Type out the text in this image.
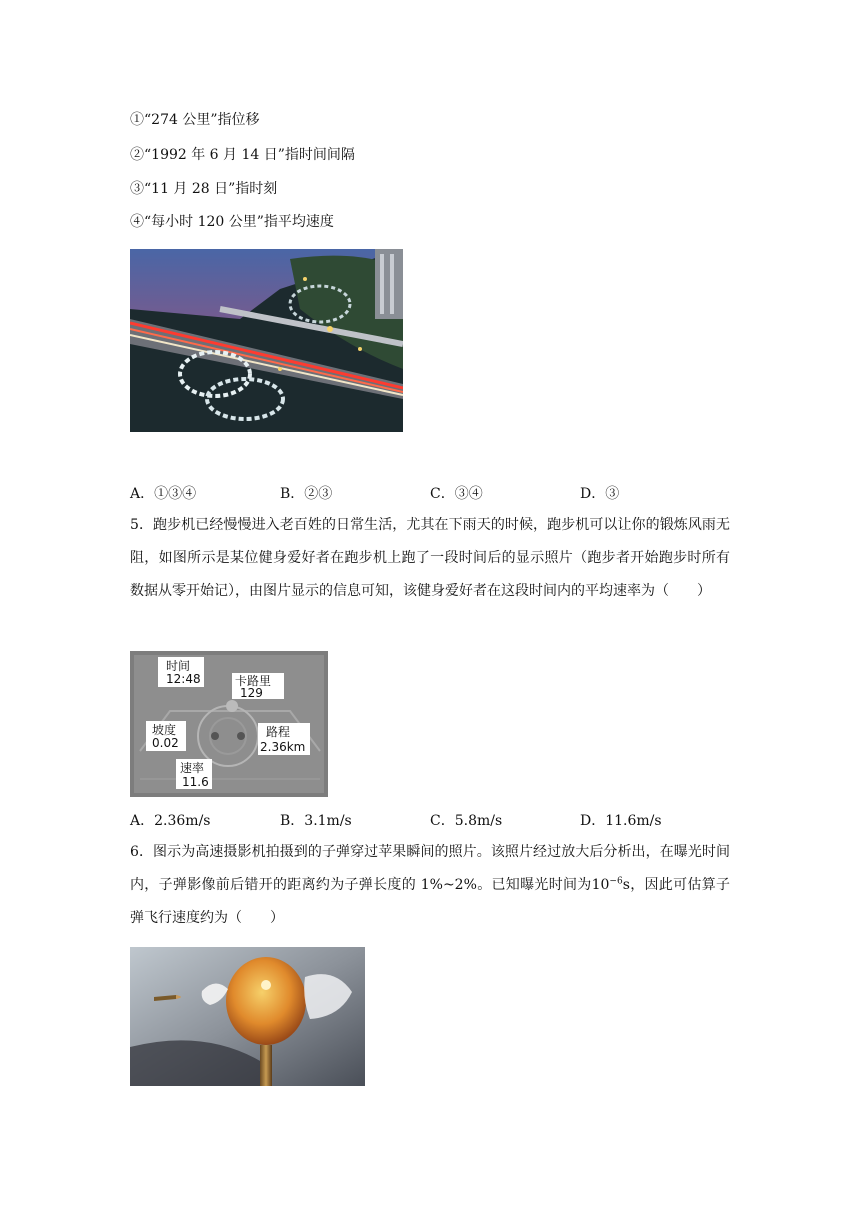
①“274 公里”指位移
②“1992 年 6 月 14 日”指时间间隔
③“11 月 28 日”指时刻
④“每小时 120 公里”指平均速度
A．①③④	B．②③	C．③④	D．③
5．跑步机已经慢慢进入老百姓的日常生活，尤其在下雨天的时候，跑步机可以让你的锻炼风雨无阻，如图所示是某位健身爱好者在跑步机上跑了一段时间后的显示照片（跑步者开始跑步时所有数据从零开始记），由图片显示的信息可知，该健身爱好者在这段时间内的平均速率为（　　）
时间
12:48	卡路里
129
坡度
0.02
路程
2.36km
速率
11.6
A．2.36m/s	B．3.1m/s	C．5.8m/s	D．11.6m/s
6．图示为高速摄影机拍摄到的子弹穿过苹果瞬间的照片。该照片经过放大后分析出，在曝光时间内，子弹影像前后错开的距离约为子弹长度的 1%~2%。已知曝光时间为$10^{-6}s$，因此可估算子弹飞行速度约为（　　）
